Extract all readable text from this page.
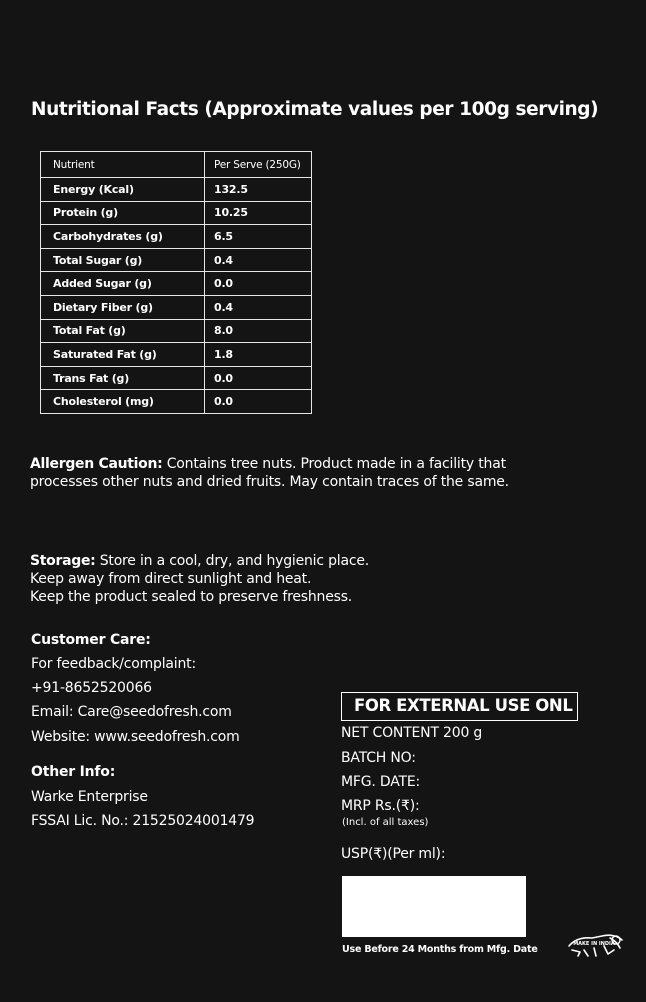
Nutritional Facts (Approximate values per 100g serving)
Nutrient	Per Serve (250G)
Energy (Kcal)	132.5
Protein (g)	10.25
Carbohydrates (g)	6.5
Total Sugar (g)	0.4
Added Sugar (g)	0.0
Dietary Fiber (g)	0.4
Total Fat (g)	8.0
Saturated Fat (g)	1.8
Trans Fat (g)	0.0
Cholesterol (mg)	0.0
Allergen Caution: Contains tree nuts. Product made in a facility that
processes other nuts and dried fruits. May contain traces of the same.
Storage: Store in a cool, dry, and hygienic place.
Keep away from direct sunlight and heat.
Keep the product sealed to preserve freshness.
Customer Care:
For feedback/complaint:
+91-8652520066
Email: Care@seedofresh.com
Website: www.seedofresh.com
Other Info:
Warke Enterprise
FSSAI Lic. No.: 21525024001479
FOR EXTERNAL USE ONL
NET CONTENT 200 g
BATCH NO:
MFG. DATE:
MRP Rs.(₹):
(Incl. of all taxes)
USP(₹)(Per ml):
Use Before 24 Months from Mfg. Date	MAKE IN INDIA
